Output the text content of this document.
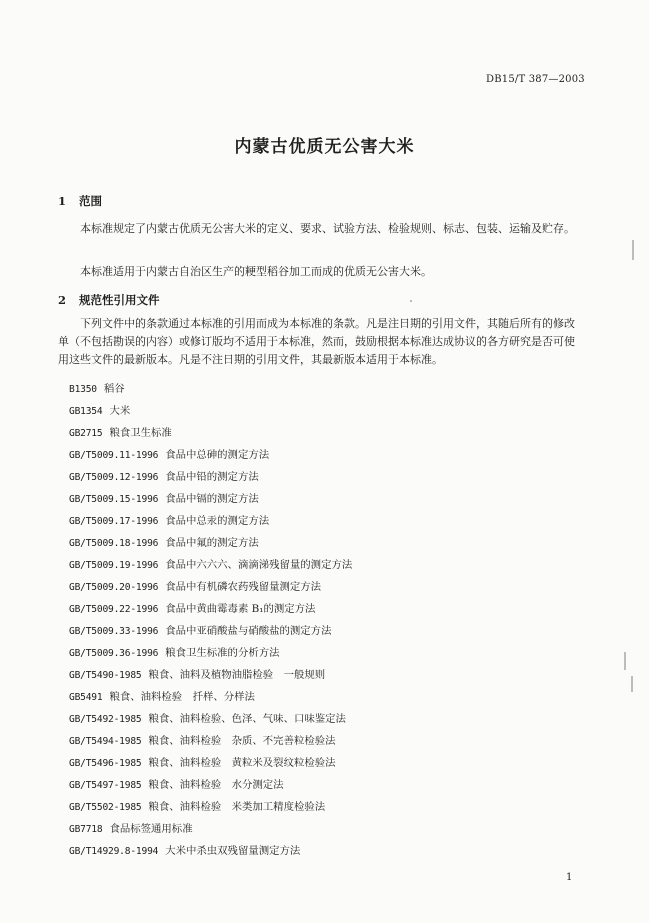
DB15/T 387—2003
内蒙古优质无公害大米
1 范围
本标准规定了内蒙古优质无公害大米的定义、要求、试验方法、检验规则、标志、包装、运输及贮存。
本标准适用于内蒙古自治区生产的粳型稻谷加工而成的优质无公害大米。
2 规范性引用文件
下列文件中的条款通过本标准的引用而成为本标准的条款。凡是注日期的引用文件，其随后所有的修改单（不包括勘误的内容）或修订版均不适用于本标准，然而，鼓励根据本标准达成协议的各方研究是否可使用这些文件的最新版本。凡是不注日期的引用文件，其最新版本适用于本标准。
B1350 稻谷
GB1354 大米
GB2715 粮食卫生标准
GB/T5009.11-1996 食品中总砷的测定方法
GB/T5009.12-1996 食品中铅的测定方法
GB/T5009.15-1996 食品中镉的测定方法
GB/T5009.17-1996 食品中总汞的测定方法
GB/T5009.18-1996 食品中氟的测定方法
GB/T5009.19-1996 食品中六六六、滴滴涕残留量的测定方法
GB/T5009.20-1996 食品中有机磷农药残留量测定方法
GB/T5009.22-1996 食品中黄曲霉毒素 B₁的测定方法
GB/T5009.33-1996 食品中亚硝酸盐与硝酸盐的测定方法
GB/T5009.36-1996 粮食卫生标准的分析方法
GB/T5490-1985 粮食、油料及植物油脂检验　一般规则
GB5491 粮食、油料检验　扦样、分样法
GB/T5492-1985 粮食、油料检验、色泽、气味、口味鉴定法
GB/T5494-1985 粮食、油料检验　杂质、不完善粒检验法
GB/T5496-1985 粮食、油料检验　黄粒米及裂纹粒检验法
GB/T5497-1985 粮食、油料检验　水分测定法
GB/T5502-1985 粮食、油料检验　米类加工精度检验法
GB7718 食品标签通用标准
GB/T14929.8-1994 大米中杀虫双残留量测定方法
1
